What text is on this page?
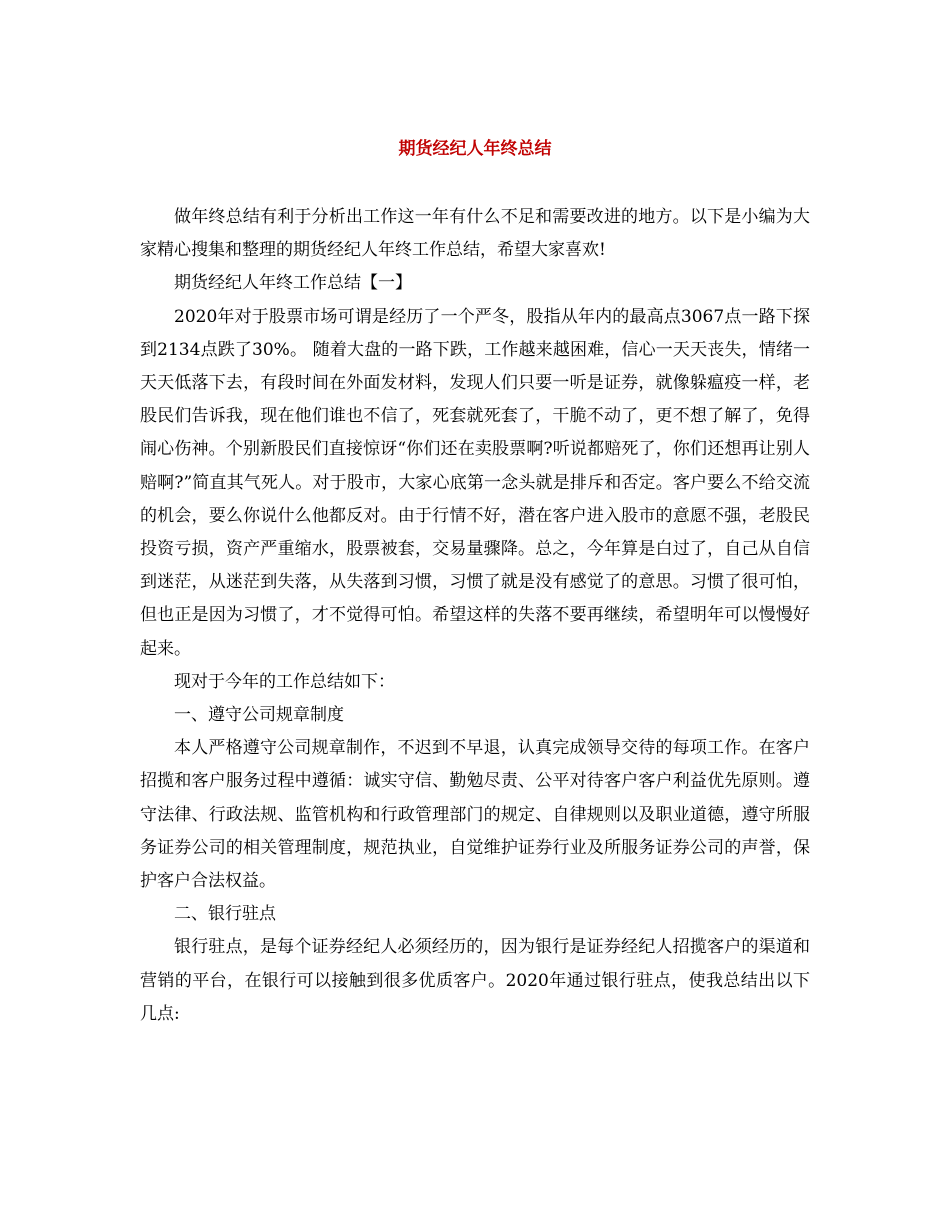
期货经纪人年终总结

做年终总结有利于分析出工作这一年有什么不足和需要改进的地方。以下是小编为大家精心搜集和整理的期货经纪人年终工作总结，希望大家喜欢!

期货经纪人年终工作总结【一】

2020年对于股票市场可谓是经历了一个严冬，股指从年内的最高点3067点一路下探到2134点跌了30%。 随着大盘的一路下跌，工作越来越困难，信心一天天丧失，情绪一天天低落下去，有段时间在外面发材料，发现人们只要一听是证券，就像躲瘟疫一样，老股民们告诉我，现在他们谁也不信了，死套就死套了，干脆不动了，更不想了解了，免得闹心伤神。个别新股民们直接惊讶“你们还在卖股票啊?听说都赔死了，你们还想再让别人赔啊?”简直其气死人。对于股市，大家心底第一念头就是排斥和否定。客户要么不给交流的机会，要么你说什么他都反对。由于行情不好，潜在客户进入股市的意愿不强，老股民投资亏损，资产严重缩水，股票被套，交易量骤降。总之，今年算是白过了，自己从自信到迷茫，从迷茫到失落，从失落到习惯，习惯了就是没有感觉了的意思。习惯了很可怕，但也正是因为习惯了，才不觉得可怕。希望这样的失落不要再继续，希望明年可以慢慢好起来。

现对于今年的工作总结如下：

一、遵守公司规章制度

本人严格遵守公司规章制作，不迟到不早退，认真完成领导交待的每项工作。在客户招揽和客户服务过程中遵循：诚实守信、勤勉尽责、公平对待客户客户利益优先原则。遵守法律、行政法规、监管机构和行政管理部门的规定、自律规则以及职业道德，遵守所服务证券公司的相关管理制度，规范执业，自觉维护证券行业及所服务证券公司的声誉，保护客户合法权益。

二、银行驻点

银行驻点，是每个证券经纪人必须经历的，因为银行是证券经纪人招揽客户的渠道和营销的平台，在银行可以接触到很多优质客户。2020年通过银行驻点，使我总结出以下几点:
